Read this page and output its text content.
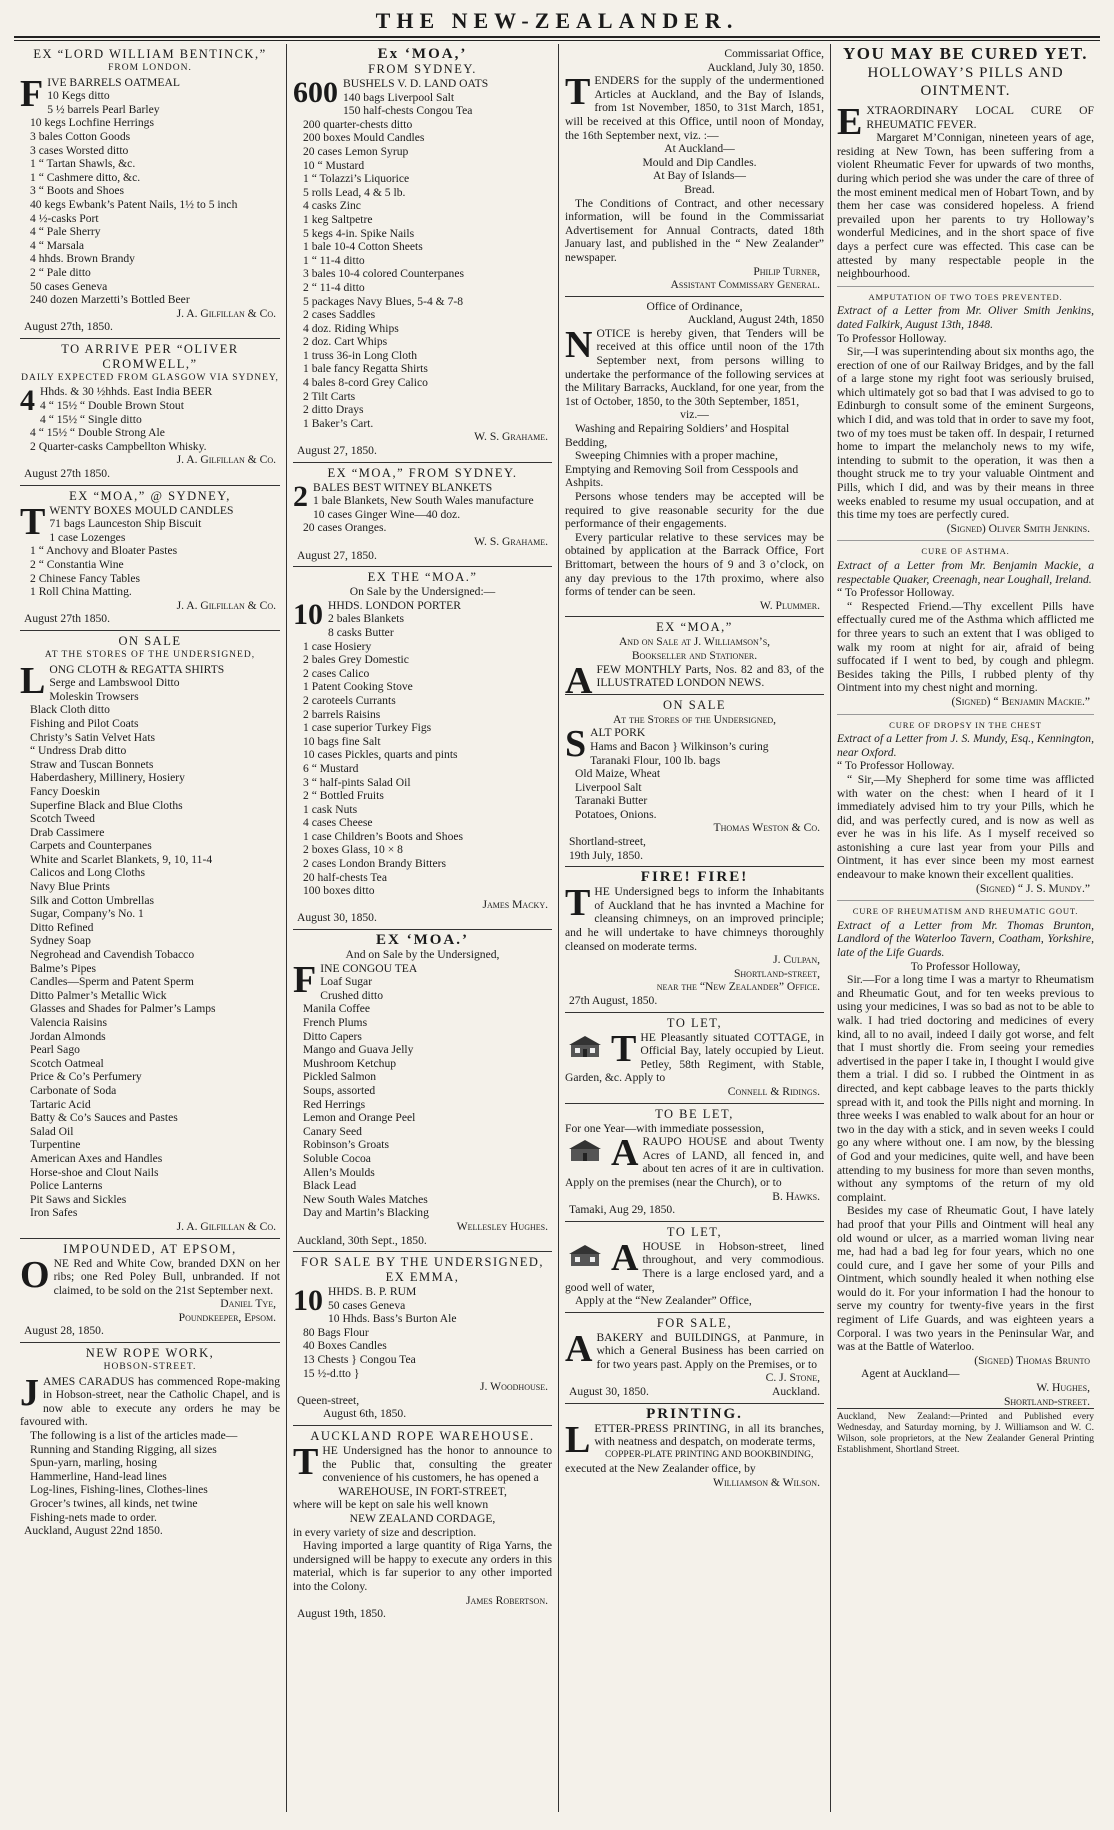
THE NEW-ZEALANDER.
EX “LORD WILLIAM BENTINCK,”
FROM LONDON.
FIVE BARRELS OATMEAL
10 Kegs ditto
5 ½ barrels Pearl Barley
10 kegs Lochfine Herrings
3 bales Cotton Goods
3 cases Worsted ditto
1 “ Tartan Shawls, &c.
1 “ Cashmere ditto, &c.
3 “ Boots and Shoes
40 kegs Ewbank’s Patent Nails, 1½ to 5 inch
4 ½-casks Port
4 “ Pale Sherry
4 “ Marsala
4 hhds. Brown Brandy
2 “ Pale ditto
50 cases Geneva
240 dozen Marzetti’s Bottled Beer
J. A. Gilfillan & Co.
August 27th, 1850.
TO ARRIVE PER “OLIVER CROMWELL,”
DAILY EXPECTED FROM GLASGOW VIA SYDNEY,
4 Hhds. & 30 ½hhds. East India BEER
4 “ 15½ “ Double Brown Stout
4 “ 15½ “ Single ditto
4 “ 15½ “ Double Strong Ale
2 Quarter-casks Campbellton Whisky.
J. A. Gilfillan & Co.
August 27th 1850.
EX “MOA,” @ SYDNEY,
TWENTY BOXES MOULD CANDLES
71 bags Launceston Ship Biscuit
1 case Lozenges
1 “ Anchovy and Bloater Pastes
2 “ Constantia Wine
2 Chinese Fancy Tables
1 Roll China Matting.
J. A. Gilfillan & Co.
August 27th 1850.
ON SALE
AT THE STORES OF THE UNDERSIGNED,
LONG CLOTH & REGATTA SHIRTS
Serge and Lambswool Ditto
Moleskin Trowsers
Black Cloth ditto
Fishing and Pilot Coats
Christy’s Satin Velvet Hats
“ Undress Drab ditto
Straw and Tuscan Bonnets
Haberdashery, Millinery, Hosiery
Fancy Doeskin
Superfine Black and Blue Cloths
Scotch Tweed
Drab Cassimere
Carpets and Counterpanes
White and Scarlet Blankets, 9, 10, 11-4
Calicos and Long Cloths
Navy Blue Prints
Silk and Cotton Umbrellas
Sugar, Company’s No. 1
Ditto Refined
Sydney Soap
Negrohead and Cavendish Tobacco
Balme’s Pipes
Candles—Sperm and Patent Sperm
Ditto Palmer’s Metallic Wick
Glasses and Shades for Palmer’s Lamps
Valencia Raisins
Jordan Almonds
Pearl Sago
Scotch Oatmeal
Price & Co’s Perfumery
Carbonate of Soda
Tartaric Acid
Batty & Co’s Sauces and Pastes
Salad Oil
Turpentine
American Axes and Handles
Horse-shoe and Clout Nails
Police Lanterns
Pit Saws and Sickles
Iron Safes
J. A. Gilfillan & Co.
IMPOUNDED, AT EPSOM,
ONE Red and White Cow, branded DXN on her ribs; one Red Poley Bull, unbranded. If not claimed, to be sold on the 21st September next.
Daniel Tye,
Poundkeeper, Epsom.
August 28, 1850.
NEW ROPE WORK,
HOBSON-STREET.
JAMES CARADUS has commenced Rope-making in Hobson-street, near the Catholic Chapel, and is now able to execute any orders he may be favoured with.
The following is a list of the articles made—
Running and Standing Rigging, all sizes
Spun-yarn, marling, hosing
Hammerline, Hand-lead lines
Log-lines, Fishing-lines, Clothes-lines
Grocer’s twines, all kinds, net twine
Fishing-nets made to order.
Auckland, August 22nd 1850.
Ex ‘MOA,’
FROM SYDNEY.
600 BUSHELS V. D. LAND OATS
140 bags Liverpool Salt
150 half-chests Congou Tea
200 quarter-chests ditto
200 boxes Mould Candles
20 cases Lemon Syrup
10 “ Mustard
1 “ Tolazzi’s Liquorice
5 rolls Lead, 4 & 5 lb.
4 casks Zinc
1 keg Saltpetre
5 kegs 4-in. Spike Nails
1 bale 10-4 Cotton Sheets
1 “ 11-4 ditto
3 bales 10-4 colored Counterpanes
2 “ 11-4 ditto
5 packages Navy Blues, 5-4 & 7-8
2 cases Saddles
4 doz. Riding Whips
2 doz. Cart Whips
1 truss 36-in Long Cloth
1 bale fancy Regatta Shirts
4 bales 8-cord Grey Calico
2 Tilt Carts
2 ditto Drays
1 Baker’s Cart.
W. S. Grahame.
August 27, 1850.
EX “MOA,” FROM SYDNEY.
2 BALES BEST WITNEY BLANKETS
1 bale Blankets, New South Wales manufacture
10 cases Ginger Wine—40 doz.
20 cases Oranges.
W. S. Grahame.
August 27, 1850.
EX THE “MOA.”
On Sale by the Undersigned:—
10 HHDS. LONDON PORTER
2 bales Blankets
8 casks Butter
1 case Hosiery
2 bales Grey Domestic
2 cases Calico
1 Patent Cooking Stove
2 caroteels Currants
2 barrels Raisins
1 case superior Turkey Figs
10 bags fine Salt
10 cases Pickles, quarts and pints
6 “ Mustard
3 “ half-pints Salad Oil
2 “ Bottled Fruits
1 cask Nuts
4 cases Cheese
1 case Children’s Boots and Shoes
2 boxes Glass, 10 × 8
2 cases London Brandy Bitters
20 half-chests Tea
100 boxes ditto
James Macky.
August 30, 1850.
EX ‘MOA.’
And on Sale by the Undersigned,
FINE CONGOU TEA
Loaf Sugar
Crushed ditto
Manila Coffee
French Plums
Ditto Capers
Mango and Guava Jelly
Mushroom Ketchup
Pickled Salmon
Soups, assorted
Red Herrings
Lemon and Orange Peel
Canary Seed
Robinson’s Groats
Soluble Cocoa
Allen’s Moulds
Black Lead
New South Wales Matches
Day and Martin’s Blacking
Wellesley Hughes.
Auckland, 30th Sept., 1850.
FOR SALE BY THE UNDERSIGNED,
EX EMMA,
10 HHDS. B. P. RUM
50 cases Geneva
10 Hhds. Bass’s Burton Ale
80 Bags Flour
40 Boxes Candles
13 Chests } Congou Tea
15 ½-d.tto }
J. Woodhouse.
Queen-street,
August 6th, 1850.
AUCKLAND ROPE WAREHOUSE.
THE Undersigned has the honor to announce to the Public that, consulting the greater convenience of his customers, he has opened a
WAREHOUSE, IN FORT-STREET,
where will be kept on sale his well known
NEW ZEALAND CORDAGE,
in every variety of size and description.
Having imported a large quantity of Riga Yarns, the undersigned will be happy to execute any orders in this material, which is far superior to any other imported into the Colony.
James Robertson.
August 19th, 1850.
Commissariat Office,
Auckland, July 30, 1850.
TENDERS for the supply of the undermentioned Articles at Auckland, and the Bay of Islands, from 1st November, 1850, to 31st March, 1851, will be received at this Office, until noon of Monday, the 16th September next, viz. :—
At Auckland—
Mould and Dip Candles.
At Bay of Islands—
Bread.
The Conditions of Contract, and other necessary information, will be found in the Commissariat Advertisement for Annual Contracts, dated 18th January last, and published in the “ New Zealander” newspaper.
Philip Turner,
Assistant Commissary General.
Office of Ordinance,
Auckland, August 24th, 1850
NOTICE is hereby given, that Tenders will be received at this office until noon of the 17th September next, from persons willing to undertake the performance of the following services at the Military Barracks, Auckland, for one year, from the 1st of October, 1850, to the 30th September, 1851,
viz.—
Washing and Repairing Soldiers’ and Hospital Bedding,
Sweeping Chimnies with a proper machine, Emptying and Removing Soil from Cesspools and Ashpits.
Persons whose tenders may be accepted will be required to give reasonable security for the due performance of their engagements.
Every particular relative to these services may be obtained by application at the Barrack Office, Fort Brittomart, between the hours of 9 and 3 o’clock, on any day previous to the 17th proximo, where also forms of tender can be seen.
W. Plummer.
EX “MOA,”
And on Sale at J. Williamson’s,
Bookseller and Stationer.
AFEW MONTHLY Parts, Nos. 82 and 83, of the ILLUSTRATED LONDON NEWS.
ON SALE
At the Stores of the Undersigned,
SALT PORK
Hams and Bacon } Wilkinson’s curing
Taranaki Flour, 100 lb. bags
Old Maize, Wheat
Liverpool Salt
Taranaki Butter
Potatoes, Onions.
Thomas Weston & Co.
Shortland-street,
19th July, 1850.
FIRE! FIRE!
THE Undersigned begs to inform the Inhabitants of Auckland that he has invnted a Machine for cleansing chimneys, on an improved principle; and he will undertake to have chimneys thoroughly cleansed on moderate terms.
J. Culpan,
Shortland-street,
near the “New Zealander” Office.
27th August, 1850.
TO LET,
THE Pleasantly situated COTTAGE, in Official Bay, lately occupied by Lieut. Petley, 58th Regiment, with Stable, Garden, &c. Apply to
Connell & Ridings.
TO BE LET,
For one Year—with immediate possession,
ARAUPO HOUSE and about Twenty Acres of LAND, all fenced in, and about ten acres of it are in cultivation. Apply on the premises (near the Church), or to
B. Hawks.
Tamaki, Aug 29, 1850.
TO LET,
AHOUSE in Hobson-street, lined throughout, and very commodious. There is a large enclosed yard, and a good well of water,
Apply at the “New Zealander” Office,
FOR SALE,
ABAKERY and BUILDINGS, at Panmure, in which a General Business has been carried on for two years past. Apply on the Premises, or to
C. J. Stone,
August 30, 1850.	Auckland.
PRINTING.
LETTER-PRESS PRINTING, in all its branches, with neatness and despatch, on moderate terms,
COPPER-PLATE PRINTING AND BOOKBINDING,
executed at the New Zealander office, by
Williamson & Wilson.
YOU MAY BE CURED YET.
HOLLOWAY’S PILLS AND OINTMENT.
EXTRAORDINARY LOCAL CURE OF RHEUMATIC FEVER.
Margaret M’Connigan, nineteen years of age, residing at New Town, has been suffering from a violent Rheumatic Fever for upwards of two months, during which period she was under the care of three of the most eminent medical men of Hobart Town, and by them her case was considered hopeless. A friend prevailed upon her parents to try Holloway’s wonderful Medicines, and in the short space of five days a perfect cure was effected. This case can be attested by many respectable people in the neighbourhood.
AMPUTATION OF TWO TOES PREVENTED.
Extract of a Letter from Mr. Oliver Smith Jenkins, dated Falkirk, August 13th, 1848.
To Professor Holloway.
Sir,—I was superintending about six months ago, the erection of one of our Railway Bridges, and by the fall of a large stone my right foot was seriously bruised, which ultimately got so bad that I was advised to go to Edinburgh to consult some of the eminent Surgeons, which I did, and was told that in order to save my foot, two of my toes must be taken off. In despair, I returned home to impart the melancholy news to my wife, intending to submit to the operation, it was then a thought struck me to try your valuable Ointment and Pills, which I did, and was by their means in three weeks enabled to resume my usual occupation, and at this time my toes are perfectly cured.
(Signed) Oliver Smith Jenkins.
CURE OF ASTHMA.
Extract of a Letter from Mr. Benjamin Mackie, a respectable Quaker, Creenagh, near Loughall, Ireland.
“ To Professor Holloway.
“ Respected Friend.—Thy excellent Pills have effectually cured me of the Asthma which afflicted me for three years to such an extent that I was obliged to walk my room at night for air, afraid of being suffocated if I went to bed, by cough and phlegm. Besides taking the Pills, I rubbed plenty of thy Ointment into my chest night and morning.
(Signed) “ Benjamin Mackie.”
CURE OF DROPSY IN THE CHEST
Extract of a Letter from J. S. Mundy, Esq., Kennington, near Oxford.
“ To Professor Holloway.
“ Sir,—My Shepherd for some time was afflicted with water on the chest: when I heard of it I immediately advised him to try your Pills, which he did, and was perfectly cured, and is now as well as ever he was in his life. As I myself received so astonishing a cure last year from your Pills and Ointment, it has ever since been my most earnest endeavour to make known their excellent qualities.
(Signed) “ J. S. Mundy.”
CURE OF RHEUMATISM AND RHEUMATIC GOUT.
Extract of a Letter from Mr. Thomas Brunton, Landlord of the Waterloo Tavern, Coatham, Yorkshire, late of the Life Guards.
To Professor Holloway,
Sir.—For a long time I was a martyr to Rheumatism and Rheumatic Gout, and for ten weeks previous to using your medicines, I was so bad as not to be able to walk. I had tried doctoring and medicines of every kind, all to no avail, indeed I daily got worse, and felt that I must shortly die. From seeing your remedies advertised in the paper I take in, I thought I would give them a trial. I did so. I rubbed the Ointment in as directed, and kept cabbage leaves to the parts thickly spread with it, and took the Pills night and morning. In three weeks I was enabled to walk about for an hour or two in the day with a stick, and in seven weeks I could go any where without one. I am now, by the blessing of God and your medicines, quite well, and have been attending to my business for more than seven months, without any symptoms of the return of my old complaint.
Besides my case of Rheumatic Gout, I have lately had proof that your Pills and Ointment will heal any old wound or ulcer, as a married woman living near me, had had a bad leg for four years, which no one could cure, and I gave her some of your Pills and Ointment, which soundly healed it when nothing else would do it. For your information I had the honour to serve my country for twenty-five years in the first regiment of Life Guards, and was eighteen years a Corporal. I was two years in the Peninsular War, and was at the Battle of Waterloo.
(Signed) Thomas Brunto
Agent at Auckland—
W. Hughes,
Shortland-street.
Auckland, New Zealand:—Printed and Published every Wednesday, and Saturday morning, by J. Williamson and W. C. Wilson, sole proprietors, at the New Zealander General Printing Establishment, Shortland Street.
